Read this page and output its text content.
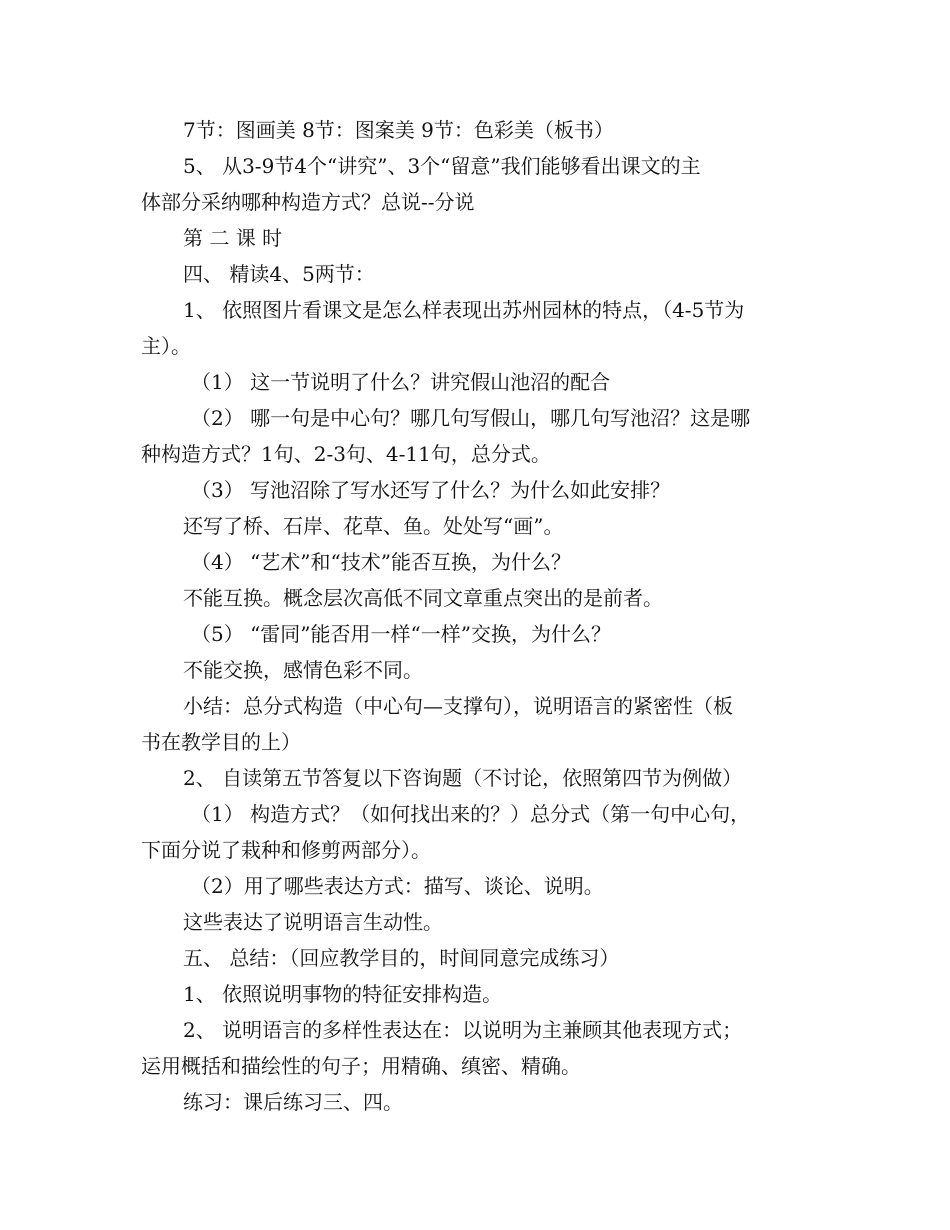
7节：图画美 8节：图案美 9节：色彩美（板书）
5、 从3-9节4个“讲究”、3个“留意”我们能够看出课文的主
体部分采纳哪种构造方式？总说--分说
第 二 课 时
四、 精读4、5两节：
1、 依照图片看课文是怎么样表现出苏州园林的特点，（4-5节为
主）。
（1） 这一节说明了什么？讲究假山池沼的配合
（2） 哪一句是中心句？哪几句写假山，哪几句写池沼？这是哪
种构造方式？1句、2-3句、4-11句，总分式。
（3） 写池沼除了写水还写了什么？为什么如此安排？
还写了桥、石岸、花草、鱼。处处写“画”。
（4） “艺术”和“技术”能否互换，为什么？
不能互换。概念层次高低不同文章重点突出的是前者。
（5） “雷同”能否用一样“一样”交换，为什么？
不能交换，感情色彩不同。
小结：总分式构造（中心句—支撑句），说明语言的紧密性（板
书在教学目的上）
2、 自读第五节答复以下咨询题（不讨论，依照第四节为例做）
（1） 构造方式？（如何找出来的？）总分式（第一句中心句，
下面分说了栽种和修剪两部分）。
（2）用了哪些表达方式：描写、谈论、说明。
这些表达了说明语言生动性。
五、 总结：（回应教学目的，时间同意完成练习）
1、 依照说明事物的特征安排构造。
2、 说明语言的多样性表达在：以说明为主兼顾其他表现方式；
运用概括和描绘性的句子；用精确、缜密、精确。
练习：课后练习三、四。
